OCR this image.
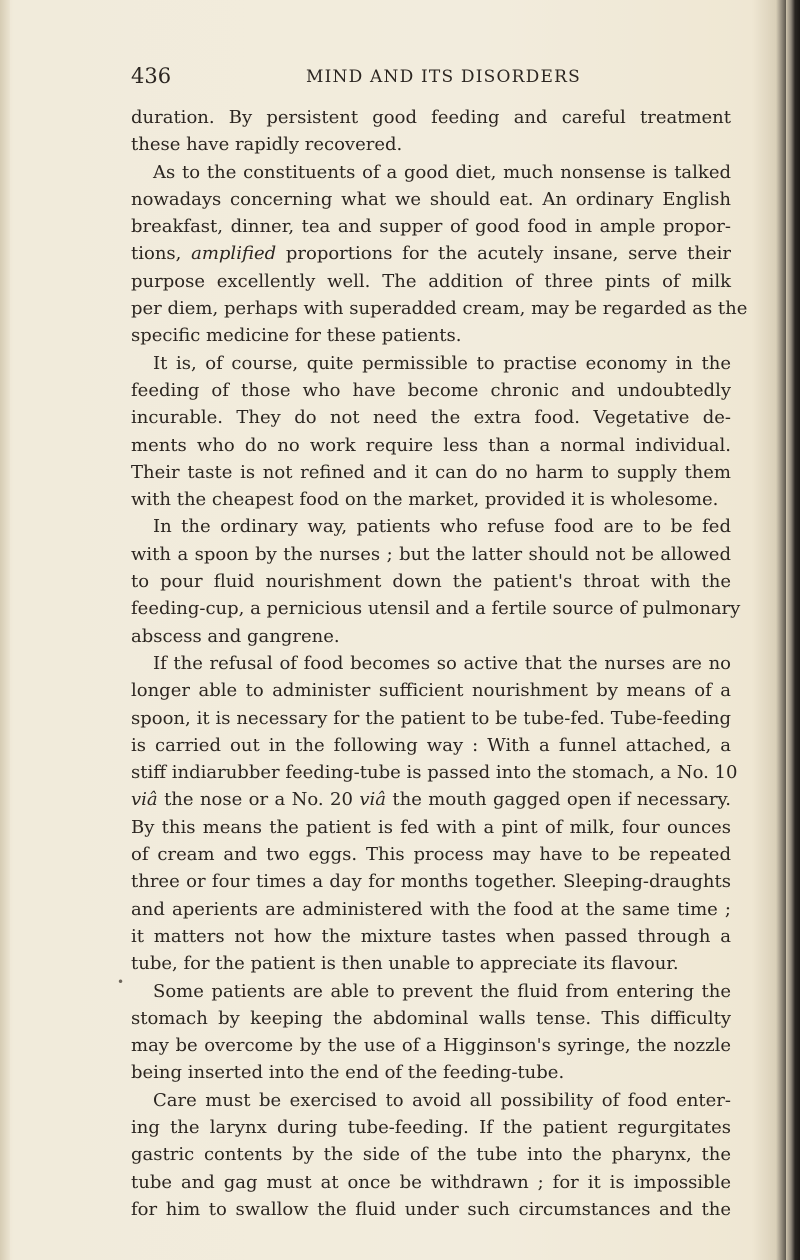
436	MIND AND ITS DISORDERS
•
duration. By persistent good feeding and careful treatment
these have rapidly recovered.
As to the constituents of a good diet, much nonsense is talked
nowadays concerning what we should eat. An ordinary English
breakfast, dinner, tea and supper of good food in ample propor-
tions, amplified proportions for the acutely insane, serve their
purpose excellently well. The addition of three pints of milk
per diem, perhaps with superadded cream, may be regarded as the
specific medicine for these patients.
It is, of course, quite permissible to practise economy in the
feeding of those who have become chronic and undoubtedly
incurable. They do not need the extra food. Vegetative de-
ments who do no work require less than a normal individual.
Their taste is not refined and it can do no harm to supply them
with the cheapest food on the market, provided it is wholesome.
In the ordinary way, patients who refuse food are to be fed
with a spoon by the nurses ; but the latter should not be allowed
to pour fluid nourishment down the patient's throat with the
feeding-cup, a pernicious utensil and a fertile source of pulmonary
abscess and gangrene.
If the refusal of food becomes so active that the nurses are no
longer able to administer sufficient nourishment by means of a
spoon, it is necessary for the patient to be tube-fed. Tube-feeding
is carried out in the following way : With a funnel attached, a
stiff indiarubber feeding-tube is passed into the stomach, a No. 10
viâ the nose or a No. 20 viâ the mouth gagged open if necessary.
By this means the patient is fed with a pint of milk, four ounces
of cream and two eggs. This process may have to be repeated
three or four times a day for months together. Sleeping-draughts
and aperients are administered with the food at the same time ;
it matters not how the mixture tastes when passed through a
tube, for the patient is then unable to appreciate its flavour.
Some patients are able to prevent the fluid from entering the
stomach by keeping the abdominal walls tense. This difficulty
may be overcome by the use of a Higginson's syringe, the nozzle
being inserted into the end of the feeding-tube.
Care must be exercised to avoid all possibility of food enter-
ing the larynx during tube-feeding. If the patient regurgitates
gastric contents by the side of the tube into the pharynx, the
tube and gag must at once be withdrawn ; for it is impossible
for him to swallow the fluid under such circumstances and the
